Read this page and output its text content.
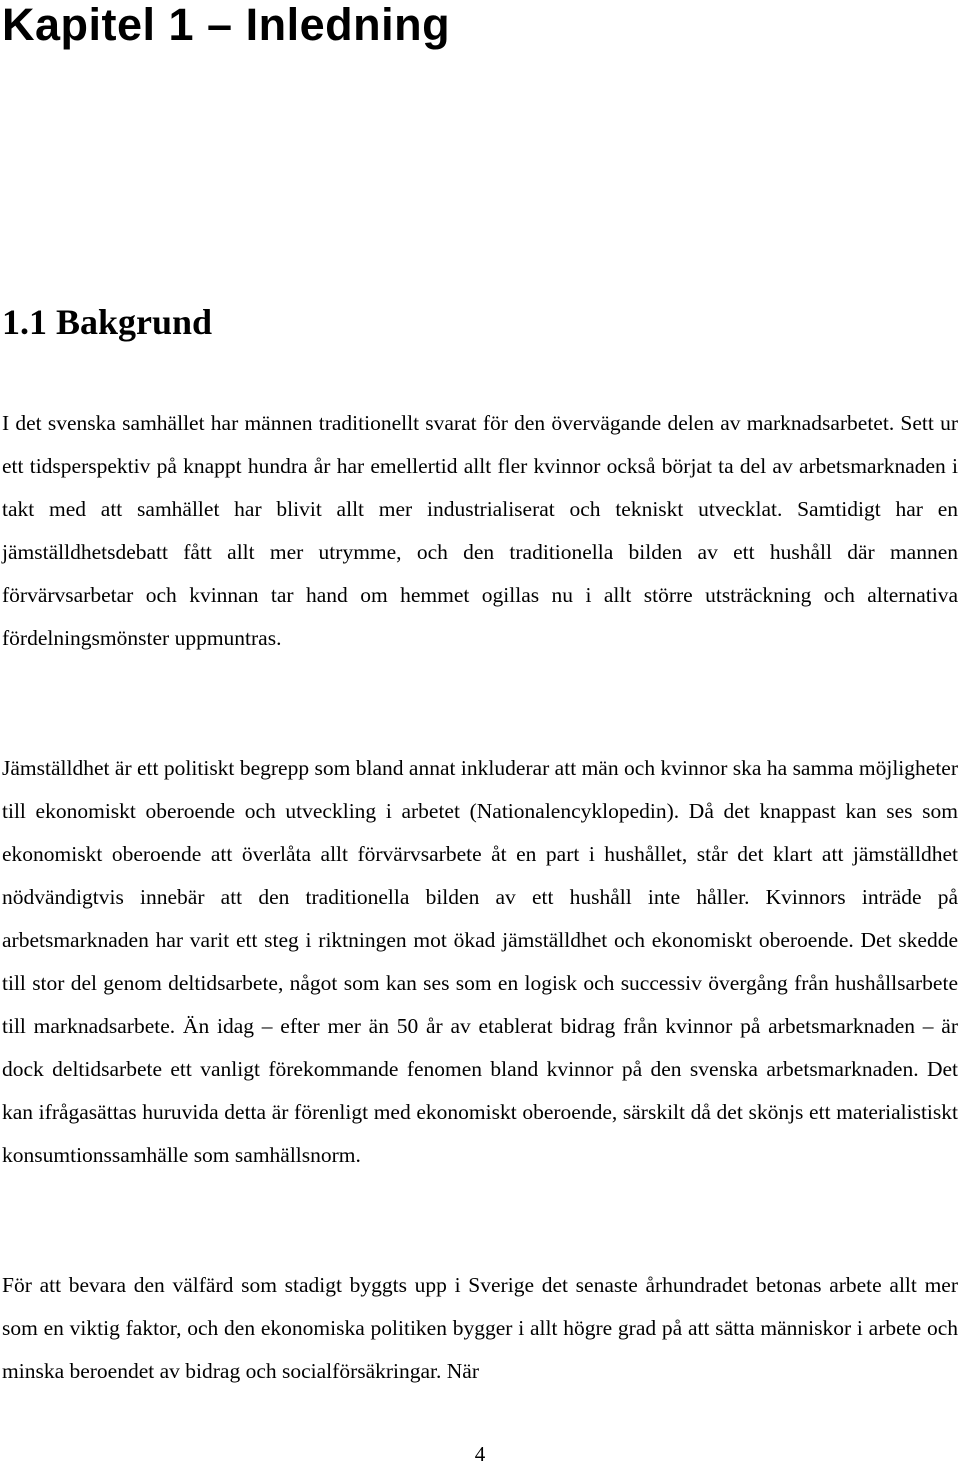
Kapitel 1 – Inledning
1.1 Bakgrund

I det svenska samhället har männen traditionellt svarat för den övervägande delen av marknadsarbetet. Sett ur ett tidsperspektiv på knappt hundra år har emellertid allt fler kvinnor också börjat ta del av arbetsmarknaden i takt med att samhället har blivit allt mer industrialiserat och tekniskt utvecklat. Samtidigt har en jämställdhetsdebatt fått allt mer utrymme, och den traditionella bilden av ett hushåll där mannen förvärvsarbetar och kvinnan tar hand om hemmet ogillas nu i allt större utsträckning och alternativa fördelningsmönster uppmuntras.

Jämställdhet är ett politiskt begrepp som bland annat inkluderar att män och kvinnor ska ha samma möjligheter till ekonomiskt oberoende och utveckling i arbetet (Nationalencyklopedin). Då det knappast kan ses som ekonomiskt oberoende att överlåta allt förvärvsarbete åt en part i hushållet, står det klart att jämställdhet nödvändigtvis innebär att den traditionella bilden av ett hushåll inte håller. Kvinnors inträde på arbetsmarknaden har varit ett steg i riktningen mot ökad jämställdhet och ekonomiskt oberoende. Det skedde till stor del genom deltidsarbete, något som kan ses som en logisk och successiv övergång från hushållsarbete till marknadsarbete. Än idag – efter mer än 50 år av etablerat bidrag från kvinnor på arbetsmarknaden – är dock deltidsarbete ett vanligt förekommande fenomen bland kvinnor på den svenska arbetsmarknaden. Det kan ifrågasättas huruvida detta är förenligt med ekonomiskt oberoende, särskilt då det skönjs ett materialistiskt konsumtionssamhälle som samhällsnorm.

För att bevara den välfärd som stadigt byggts upp i Sverige det senaste århundradet betonas arbete allt mer som en viktig faktor, och den ekonomiska politiken bygger i allt högre grad på att sätta människor i arbete och minska beroendet av bidrag och socialförsäkringar. När

4
